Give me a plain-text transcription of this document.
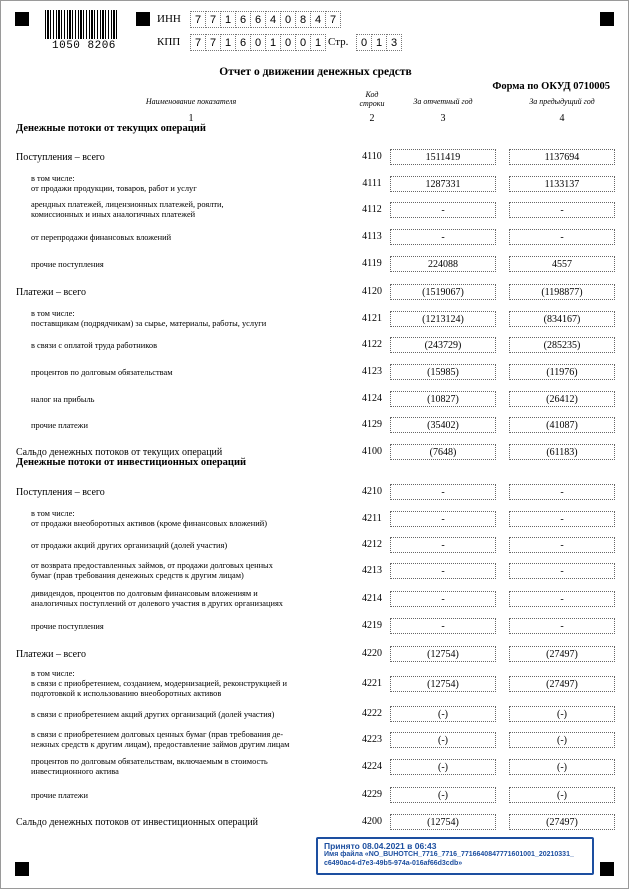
1050 8206
ИНН	7 7 1 6 6 4 0 8 4 7
КПП	7 7 1 6 0 1 0 0 1 Стр.	0 1 3
Отчет о движении денежных средств
Форма по ОКУД 0710005
Наименование показателя
Код строки	За отчетный год	За предыдущий год
1	2	3	4
Денежные потоки от текущих операций
Денежные потоки от инвестиционных операций
Поступления – всего	4110	1511419	1137694
в том числе:
от продажи продукции, товаров, работ и услуг	4111	1287331	1133137
арендных платежей, лицензионных платежей, роялти,
комиссионных и иных аналогичных платежей	4112	-	-
от перепродажи финансовых вложений	4113	-	-
прочие поступления	4119	224088	4557
Платежи – всего	4120	(1519067)	(1198877)
в том числе:
поставщикам (подрядчикам) за сырье, материалы, работы, услуги	4121	(1213124)	(834167)
в связи с оплатой труда работников	4122	(243729)	(285235)
процентов по долговым обязательствам	4123	(15985)	(11976)
налог на прибыль	4124	(10827)	(26412)
прочие платежи	4129	(35402)	(41087)
Сальдо денежных потоков от текущих операций	4100	(7648)	(61183)
Поступления – всего	4210	-	-
в том числе:
от продажи внеоборотных активов (кроме финансовых вложений)	4211	-	-
от продажи акций других организаций (долей участия)	4212	-	-
от возврата предоставленных займов, от продажи долговых ценных
бумаг (прав требования денежных средств к другим лицам)	4213	-	-
дивидендов, процентов по долговым финансовым вложениям и
аналогичных поступлений от долевого участия в других организациях	4214	-	-
прочие поступления	4219	-	-
Платежи – всего	4220	(12754)	(27497)
в том числе:
в связи с приобретением, созданием, модернизацией, реконструкцией и
подготовкой к использованию внеоборотных активов
4221	(12754)	(27497)
в связи с приобретением акций других организаций (долей участия)	4222	(-)	(-)
в связи с приобретением долговых ценных бумаг (прав требования де-
нежных средств к другим лицам), предоставление займов другим лицам	4223	(-)	(-)
процентов по долговым обязательствам, включаемым в стоимость
инвестиционного актива	4224	(-)	(-)
прочие платежи	4229	(-)	(-)
Сальдо денежных потоков от инвестиционных операций	4200	(12754)	(27497)
Принято 08.04.2021 в 06:43
Имя файла «NO_BUHOTCH_7716_7716_7716640847771601001_20210331_
c6490ac4-d7e3-49b5-974a-016af66d3cdb»
